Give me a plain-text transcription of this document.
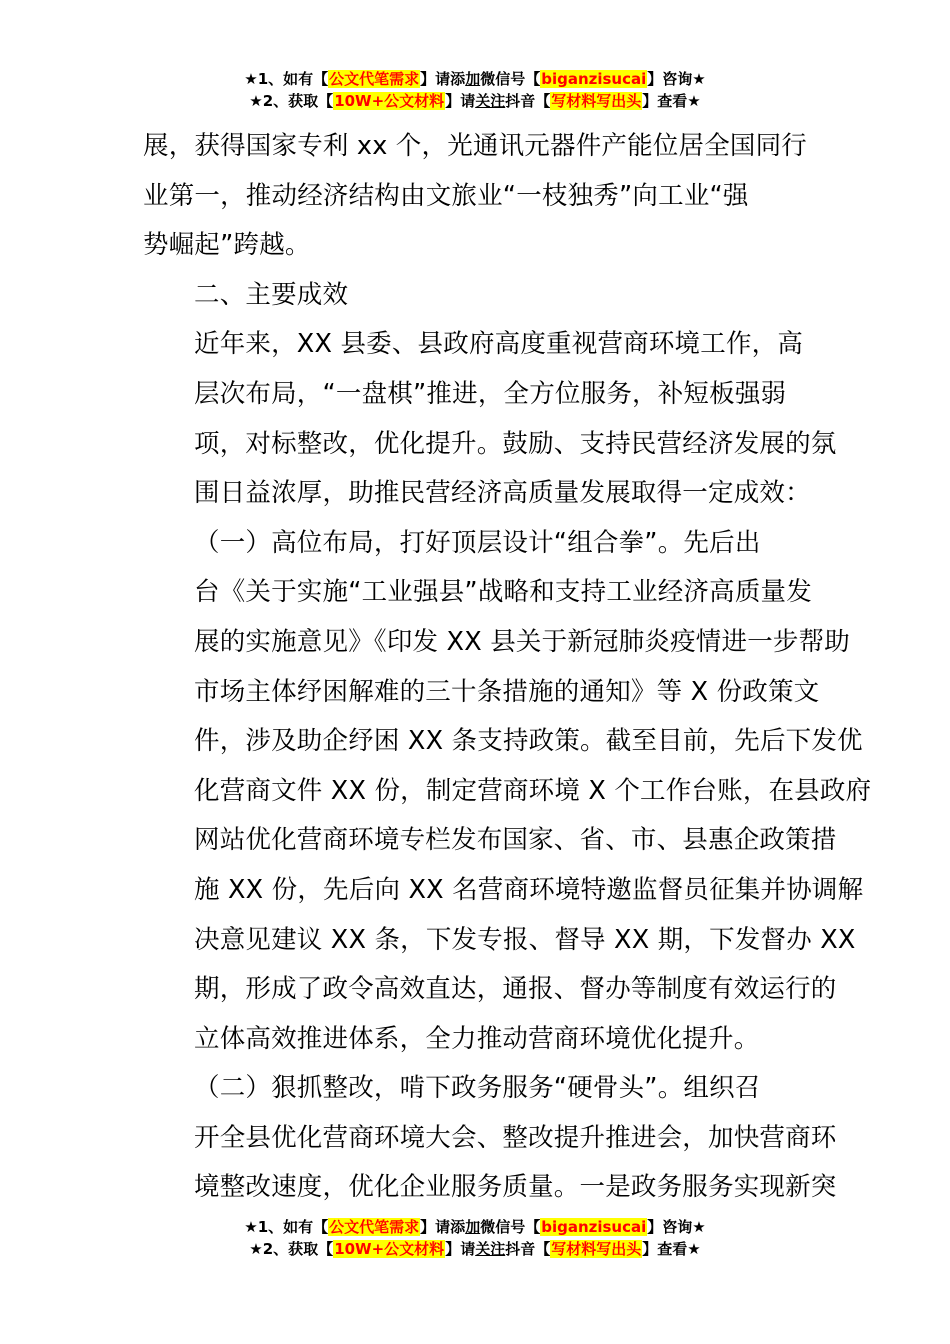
★1、如有【公文代笔需求】请添加微信号【biganzisucai】咨询★
★2、获取【10W+公文材料】请关注抖音【写材料写出头】查看★

展，获得国家专利 xx 个，光通讯元器件产能位居全国同行
业第一，推动经济结构由文旅业“一枝独秀”向工业“强
势崛起”跨越。

二、主要成效

近年来，XX 县委、县政府高度重视营商环境工作，高
层次布局，“一盘棋”推进，全方位服务，补短板强弱
项，对标整改，优化提升。鼓励、支持民营经济发展的氛
围日益浓厚，助推民营经济高质量发展取得一定成效：

（一）高位布局，打好顶层设计“组合拳”。先后出
台《关于实施“工业强县”战略和支持工业经济高质量发
展的实施意见》《印发 XX 县关于新冠肺炎疫情进一步帮助
市场主体纾困解难的三十条措施的通知》等 X 份政策文
件，涉及助企纾困 XX 条支持政策。截至目前，先后下发优
化营商文件 XX 份，制定营商环境 X 个工作台账，在县政府
网站优化营商环境专栏发布国家、省、市、县惠企政策措
施 XX 份，先后向 XX 名营商环境特邀监督员征集并协调解
决意见建议 XX 条，下发专报、督导 XX 期，下发督办 XX
期，形成了政令高效直达，通报、督办等制度有效运行的
立体高效推进体系，全力推动营商环境优化提升。

（二）狠抓整改，啃下政务服务“硬骨头”。组织召
开全县优化营商环境大会、整改提升推进会，加快营商环
境整改速度，优化企业服务质量。一是政务服务实现新突

★1、如有【公文代笔需求】请添加微信号【biganzisucai】咨询★
★2、获取【10W+公文材料】请关注抖音【写材料写出头】查看★
